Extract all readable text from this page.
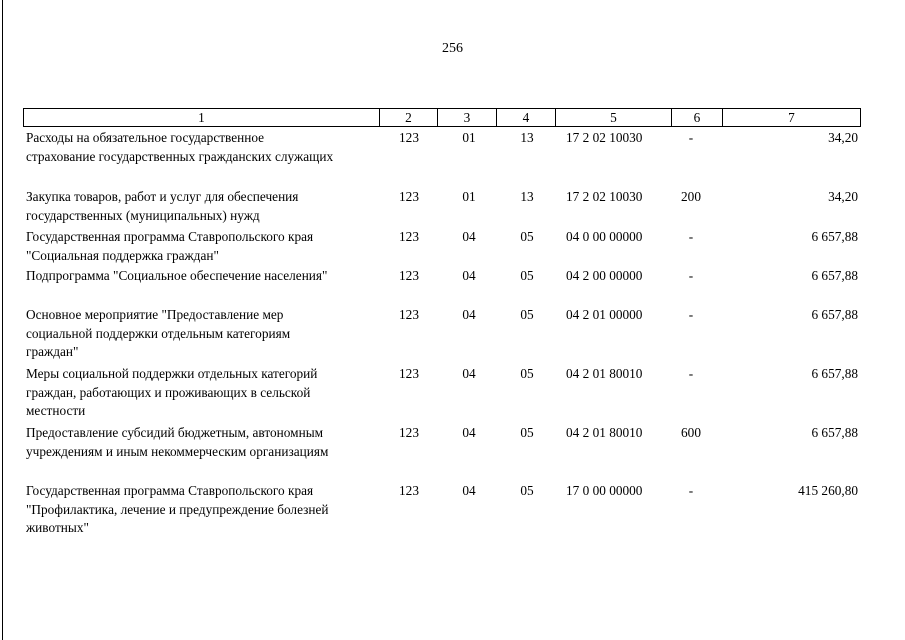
256
1	2	3	4	5	6	7
Расходы на обязательное государственное
страхование государственных гражданских служащих
123	01	13	17 2 02 10030	-	34,20
Закупка товаров, работ и услуг для обеспечения
государственных (муниципальных) нужд
123	01	13	17 2 02 10030	200	34,20
Государственная программа Ставропольского края
"Социальная поддержка граждан"
123	04	05	04 0 00 00000	-	6 657,88
Подпрограмма "Социальное обеспечение населения"	123	04	05	04 2 00 00000	-	6 657,88
Основное мероприятие "Предоставление мер
социальной поддержки отдельным категориям
граждан"
123	04	05	04 2 01 00000	-	6 657,88
Меры социальной поддержки отдельных категорий
граждан, работающих и проживающих в сельской
местности
123	04	05	04 2 01 80010	-	6 657,88
Предоставление субсидий бюджетным, автономным
учреждениям и иным некоммерческим организациям
123	04	05	04 2 01 80010	600	6 657,88
Государственная программа Ставропольского края
"Профилактика, лечение и предупреждение болезней
животных"
123	04	05	17 0 00 00000	-	415 260,80
